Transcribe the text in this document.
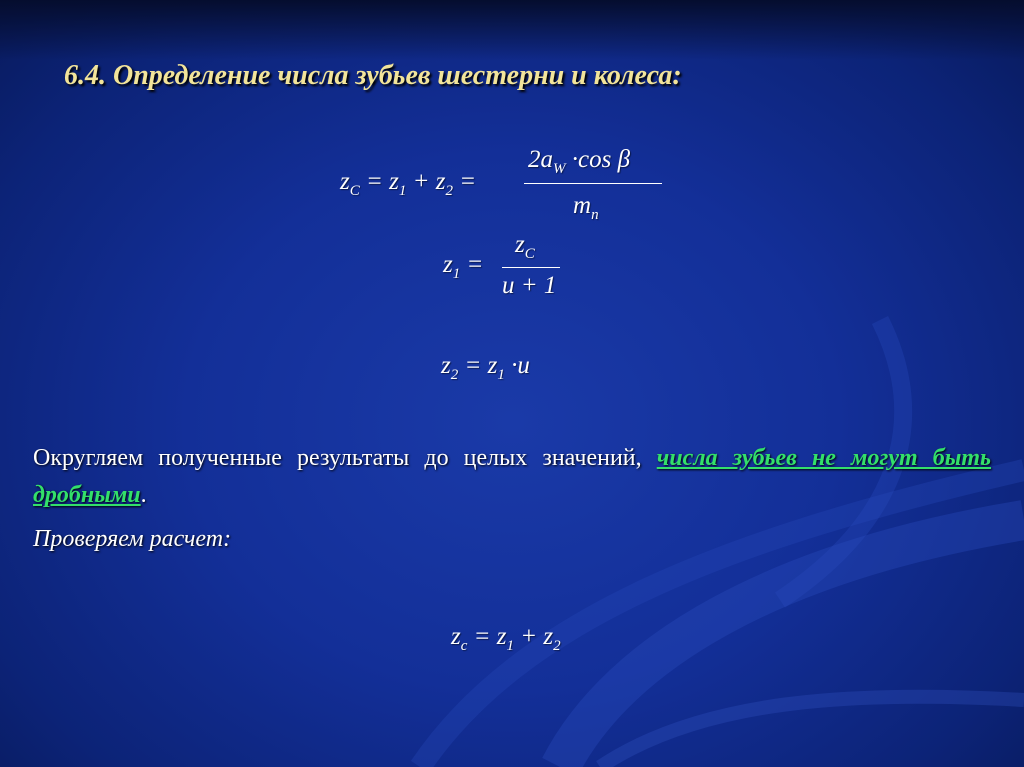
6.4. Определение числа зубьев шестерни и колеса:
$z_C = z_1 + z_2$ =
$2a_W \cdot\cos$ β
$m_n$
$z_1$ =
$z_C$
u + 1
$z_2 = z_1 \cdot u$
Округляем полученные результаты до целых значений, числа зубьев не могут быть дробными.
Проверяем расчет:
$z_c = z_1 + z_2$
